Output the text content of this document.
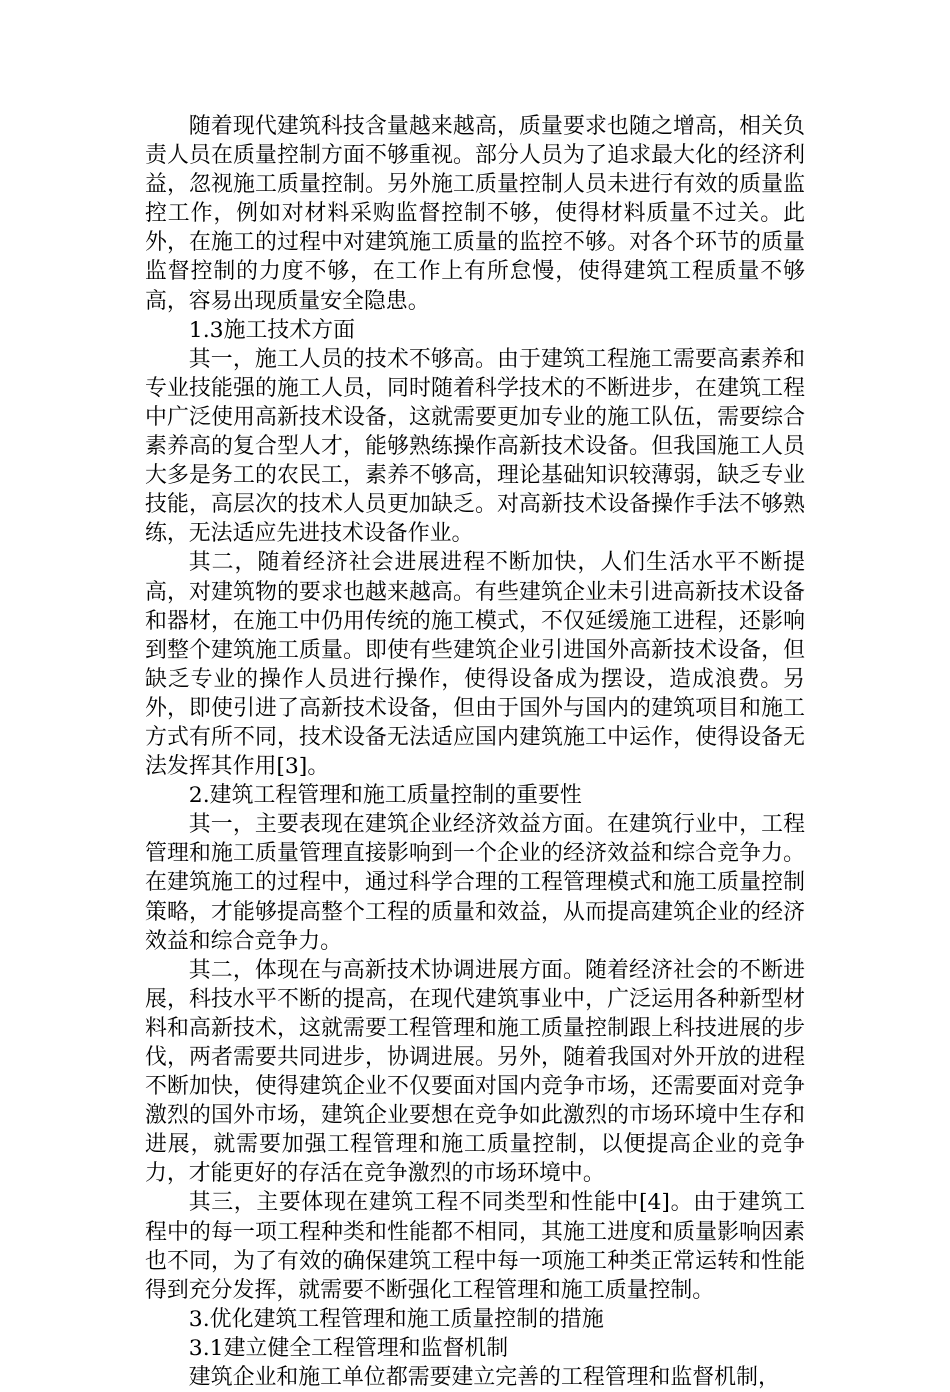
随着现代建筑科技含量越来越高，质量要求也随之增高，相关负责人员在质量控制方面不够重视。部分人员为了追求最大化的经济利益，忽视施工质量控制。另外施工质量控制人员未进行有效的质量监控工作，例如对材料采购监督控制不够，使得材料质量不过关。此外，在施工的过程中对建筑施工质量的监控不够。对各个环节的质量监督控制的力度不够，在工作上有所怠慢，使得建筑工程质量不够高，容易出现质量安全隐患。

1.3施工技术方面

其一，施工人员的技术不够高。由于建筑工程施工需要高素养和专业技能强的施工人员，同时随着科学技术的不断进步，在建筑工程中广泛使用高新技术设备，这就需要更加专业的施工队伍，需要综合素养高的复合型人才，能够熟练操作高新技术设备。但我国施工人员大多是务工的农民工，素养不够高，理论基础知识较薄弱，缺乏专业技能，高层次的技术人员更加缺乏。对高新技术设备操作手法不够熟练，无法适应先进技术设备作业。

其二，随着经济社会进展进程不断加快，人们生活水平不断提高，对建筑物的要求也越来越高。有些建筑企业未引进高新技术设备和器材，在施工中仍用传统的施工模式，不仅延缓施工进程，还影响到整个建筑施工质量。即使有些建筑企业引进国外高新技术设备，但缺乏专业的操作人员进行操作，使得设备成为摆设，造成浪费。另外，即使引进了高新技术设备，但由于国外与国内的建筑项目和施工方式有所不同，技术设备无法适应国内建筑施工中运作，使得设备无法发挥其作用[3]。

2.建筑工程管理和施工质量控制的重要性

其一，主要表现在建筑企业经济效益方面。在建筑行业中，工程管理和施工质量管理直接影响到一个企业的经济效益和综合竞争力。在建筑施工的过程中，通过科学合理的工程管理模式和施工质量控制策略，才能够提高整个工程的质量和效益，从而提高建筑企业的经济效益和综合竞争力。

其二，体现在与高新技术协调进展方面。随着经济社会的不断进展，科技水平不断的提高，在现代建筑事业中，广泛运用各种新型材料和高新技术，这就需要工程管理和施工质量控制跟上科技进展的步伐，两者需要共同进步，协调进展。另外，随着我国对外开放的进程不断加快，使得建筑企业不仅要面对国内竞争市场，还需要面对竞争激烈的国外市场，建筑企业要想在竞争如此激烈的市场环境中生存和进展，就需要加强工程管理和施工质量控制，以便提高企业的竞争力，才能更好的存活在竞争激烈的市场环境中。

其三，主要体现在建筑工程不同类型和性能中[4]。由于建筑工程中的每一项工程种类和性能都不相同，其施工进度和质量影响因素也不同，为了有效的确保建筑工程中每一项施工种类正常运转和性能得到充分发挥，就需要不断强化工程管理和施工质量控制。

3.优化建筑工程管理和施工质量控制的措施

3.1建立健全工程管理和监督机制

建筑企业和施工单位都需要建立完善的工程管理和监督机制，
